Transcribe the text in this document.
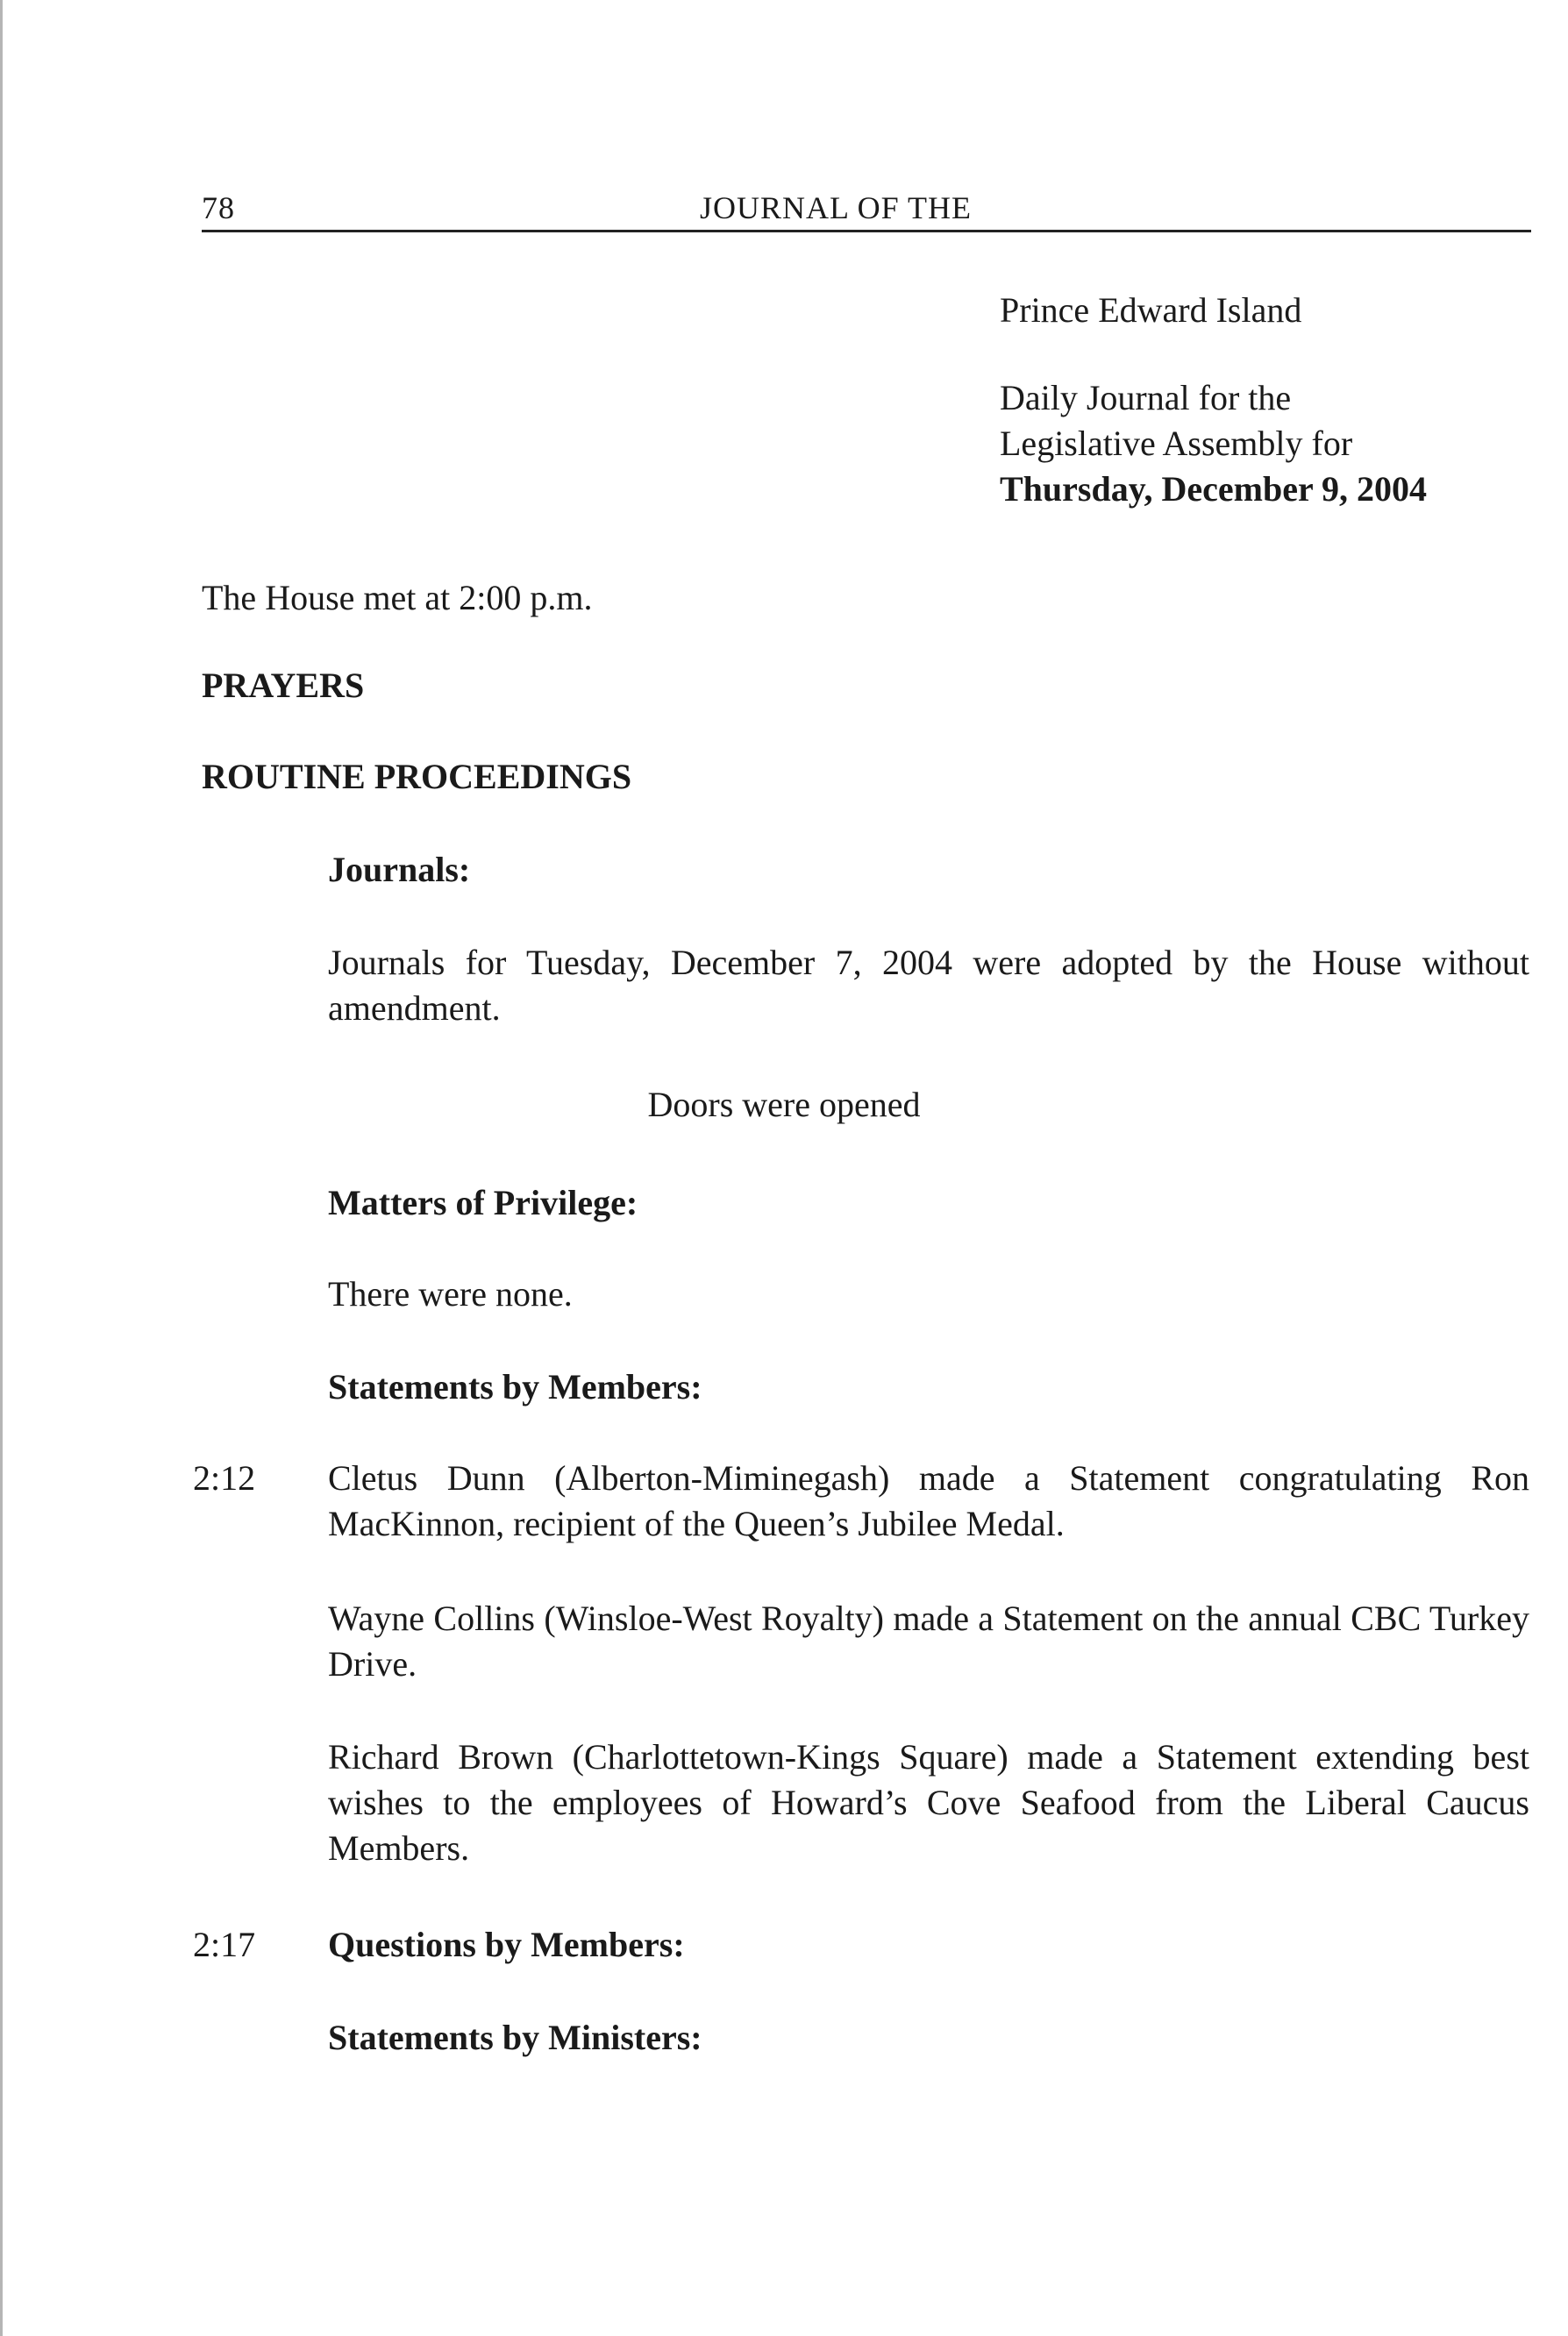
78	JOURNAL OF THE

Prince Edward Island

Daily Journal for the

Legislative Assembly for

Thursday, December 9, 2004

The House met at 2:00 p.m.
PRAYERS
ROUTINE PROCEEDINGS
Journals:

Journals for Tuesday, December 7, 2004 were adopted by the House without amendment.

Doors were opened
Matters of Privilege:
There were none.
Statements by Members:
2:12 Cletus Dunn (Alberton-Miminegash) made a Statement congratulating Ron MacKinnon, recipient of the Queen’s Jubilee Medal.

Wayne Collins (Winsloe-West Royalty) made a Statement on the annual CBC Turkey Drive.

Richard Brown (Charlottetown-Kings Square) made a Statement extending best wishes to the employees of Howard’s Cove Seafood from the Liberal Caucus Members.

2:17 Questions by Members:
Statements by Ministers:
